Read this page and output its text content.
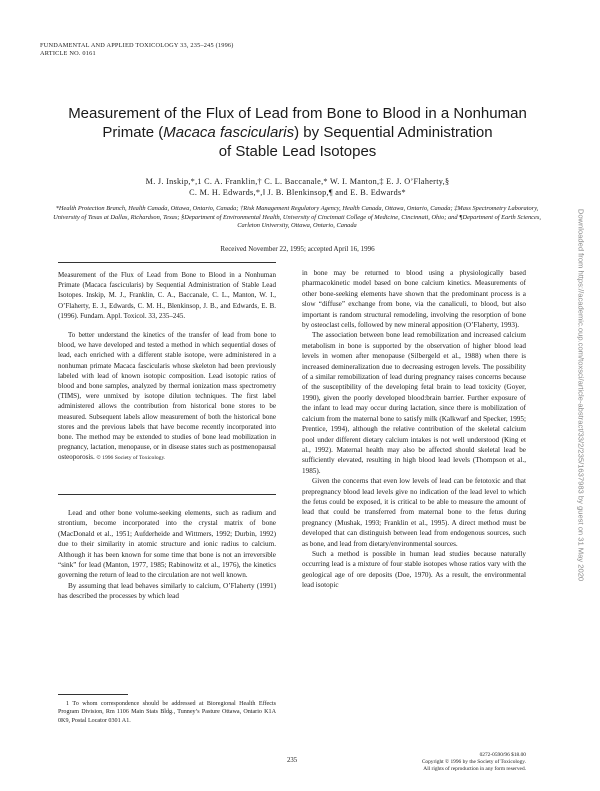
FUNDAMENTAL AND APPLIED TOXICOLOGY 33, 235–245 (1996)
ARTICLE NO. 0161
Measurement of the Flux of Lead from Bone to Blood in a Nonhuman
Primate (Macaca fascicularis) by Sequential Administration
of Stable Lead Isotopes
M. J. Inskip,*,1 C. A. Franklin,† C. L. Baccanale,* W. I. Manton,‡ E. J. O’Flaherty,§
C. M. H. Edwards,*,‖ J. B. Blenkinsop,¶ and E. B. Edwards*
*Health Protection Branch, Health Canada, Ottawa, Ontario, Canada; †Risk Management Regulatory Agency, Health Canada, Ottawa, Ontario, Canada; ‡Mass Spectrometry Laboratory, University of Texas at Dallas, Richardson, Texas; §Department of Environmental Health, University of Cincinnati College of Medicine, Cincinnati, Ohio; and ¶Department of Earth Sciences, Carleton University, Ottawa, Ontario, Canada
Received November 22, 1995; accepted April 16, 1996

Measurement of the Flux of Lead from Bone to Blood in a Nonhuman Primate (Macaca fascicularis) by Sequential Administration of Stable Lead Isotopes. Inskip, M. J., Franklin, C. A., Baccanale, C. L., Manton, W. I., O’Flaherty, E. J., Edwards, C. M. H., Blenkinsop, J. B., and Edwards, E. B. (1996). Fundam. Appl. Toxicol. 33, 235–245.

To better understand the kinetics of the transfer of lead from bone to blood, we have developed and tested a method in which sequential doses of lead, each enriched with a different stable isotope, were administered in a nonhuman primate Macaca fascicularis whose skeleton had been previously labeled with lead of known isotopic composition. Lead isotopic ratios of blood and bone samples, analyzed by thermal ionization mass spectrometry (TIMS), were unmixed by isotope dilution techniques. The first label administered allows the contribution from historical bone stores to be measured. Subsequent labels allow measurement of both the historical bone stores and the previous labels that have become recently incorporated into bone. The method may be extended to studies of bone lead mobilization in pregnancy, lactation, menopause, or in disease states such as postmenopausal osteoporosis. © 1996 Society of Toxicology.

Lead and other bone volume-seeking elements, such as radium and strontium, become incorporated into the crystal matrix of bone (MacDonald et al., 1951; Aufderheide and Wittmers, 1992; Durbin, 1992) due to their similarity in atomic structure and ionic radius to calcium. Although it has been known for some time that bone is not an irreversible “sink” for lead (Manton, 1977, 1985; Rabinowitz et al., 1976), the kinetics governing the return of lead to the circulation are not well known.

By assuming that lead behaves similarly to calcium, O’Flaherty (1991) has described the processes by which lead

1 To whom correspondence should be addressed at Bioregional Health Effects Program Division, Rm 1106 Main Stats Bldg., Tunney’s Pasture Ottawa, Ontario K1A 0K9, Postal Locator 0301 A1.

in bone may be returned to blood using a physiologically based pharmacokinetic model based on bone calcium kinetics. Measurements of other bone-seeking elements have shown that the predominant process is a slow “diffuse” exchange from bone, via the canaliculi, to blood, but also important is random structural remodeling, involving the resorption of bone by osteoclast cells, followed by new mineral apposition (O’Flaherty, 1993).

The association between bone lead remobilization and increased calcium metabolism in bone is supported by the observation of higher blood lead levels in women after menopause (Silbergeld et al., 1988) when there is increased demineralization due to decreasing estrogen levels. The possibility of a similar remobilization of lead during pregnancy raises concerns because of the susceptibility of the developing fetal brain to lead toxicity (Goyer, 1990), given the poorly developed blood:brain barrier. Further exposure of the infant to lead may occur during lactation, since there is mobilization of calcium from the maternal bone to satisfy milk (Kalkwarf and Specker, 1995; Prentice, 1994), although the relative contribution of the skeletal calcium pool under different dietary calcium intakes is not well understood (King et al., 1992). Maternal health may also be affected should skeletal lead be sufficiently elevated, resulting in high blood lead levels (Thompson et al., 1985).

Given the concerns that even low levels of lead can be fetotoxic and that prepregnancy blood lead levels give no indication of the lead level to which the fetus could be exposed, it is critical to be able to measure the amount of lead that could be transferred from maternal bone to the fetus during pregnancy (Mushak, 1993; Franklin et al., 1995). A direct method must be developed that can distinguish between lead from endogenous sources, such as bone, and lead from dietary/environmental sources.

Such a method is possible in human lead studies because naturally occurring lead is a mixture of four stable isotopes whose ratios vary with the geological age of ore deposits (Doe, 1970). As a result, the environmental lead isotopic

235
0272-0590/96 $18.00
Copyright © 1996 by the Society of Toxicology.
All rights of reproduction in any form reserved.
Downloaded from https://academic.oup.com/toxsci/article-abstract/33/2/235/1637983 by guest on 31 May 2020
